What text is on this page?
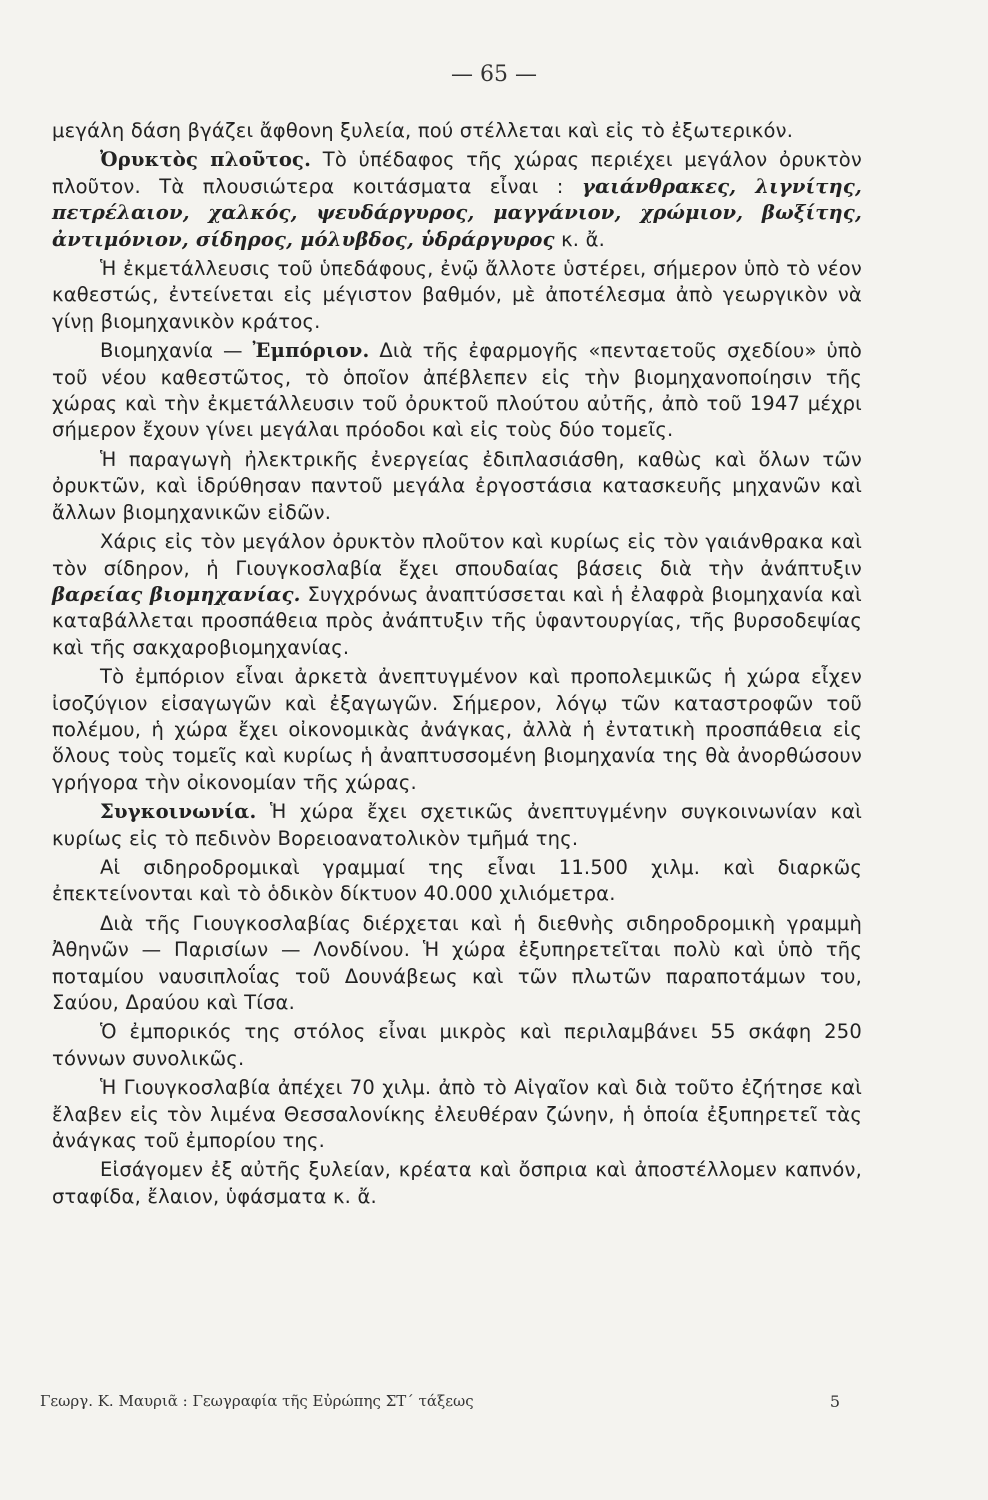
— 65 —

μεγάλη δάση βγάζει ἄφθονη ξυλεία, πού στέλλεται καὶ εἰς τὸ ἐξωτερικόν.

Ὀρυκτὸς πλοῦτος. Τὸ ὑπέδαφος τῆς χώρας περιέχει μεγάλον ὀρυκτὸν πλοῦτον. Τὰ πλουσιώτερα κοιτάσματα εἶναι : γαιάνθρακες, λιγνίτης, πετρέλαιον, χαλκός, ψευδάργυρος, μαγγάνιον, χρώμιον, βωξίτης, ἀντιμόνιον, σίδηρος, μόλυβδος, ὑδράργυρος κ. ἄ.

Ἡ ἐκμετάλλευσις τοῦ ὑπεδάφους, ἐνῷ ἄλλοτε ὑστέρει, σήμερον ὑπὸ τὸ νέον καθεστώς, ἐντείνεται εἰς μέγιστον βαθμόν, μὲ ἀποτέλεσμα ἀπὸ γεωργικὸν νὰ γίνῃ βιομηχανικὸν κράτος.

Βιομηχανία — Ἐμπόριον. Διὰ τῆς ἐφαρμογῆς «πενταετοῦς σχεδίου» ὑπὸ τοῦ νέου καθεστῶτος, τὸ ὁποῖον ἀπέβλεπεν εἰς τὴν βιομηχανοποίησιν τῆς χώρας καὶ τὴν ἐκμετάλλευσιν τοῦ ὀρυκτοῦ πλούτου αὐτῆς, ἀπὸ τοῦ 1947 μέχρι σήμερον ἔχουν γίνει μεγάλαι πρόοδοι καὶ εἰς τοὺς δύο τομεῖς.

Ἡ παραγωγὴ ἠλεκτρικῆς ἐνεργείας ἐδιπλασιάσθη, καθὼς καὶ ὅλων τῶν ὀρυκτῶν, καὶ ἱδρύθησαν παντοῦ μεγάλα ἐργοστάσια κατασκευῆς μηχανῶν καὶ ἄλλων βιομηχανικῶν εἰδῶν.

Χάρις εἰς τὸν μεγάλον ὀρυκτὸν πλοῦτον καὶ κυρίως εἰς τὸν γαιάνθρακα καὶ τὸν σίδηρον, ἡ Γιουγκοσλαβία ἔχει σπουδαίας βάσεις διὰ τὴν ἀνάπτυξιν βαρείας βιομηχανίας. Συγχρόνως ἀναπτύσσεται καὶ ἡ ἐλαφρὰ βιομηχανία καὶ καταβάλλεται προσπάθεια πρὸς ἀνάπτυξιν τῆς ὑφαντουργίας, τῆς βυρσοδεψίας καὶ τῆς σακχαροβιομηχανίας.

Τὸ ἐμπόριον εἶναι ἀρκετὰ ἀνεπτυγμένον καὶ προπολεμικῶς ἡ χώρα εἶχεν ἰσοζύγιον εἰσαγωγῶν καὶ ἐξαγωγῶν. Σήμερον, λόγῳ τῶν καταστροφῶν τοῦ πολέμου, ἡ χώρα ἔχει οἰκονομικὰς ἀνάγκας, ἀλλὰ ἡ ἐντατικὴ προσπάθεια εἰς ὅλους τοὺς τομεῖς καὶ κυρίως ἡ ἀναπτυσσομένη βιομηχανία της θὰ ἀνορθώσουν γρήγορα τὴν οἰκονομίαν τῆς χώρας.

Συγκοινωνία. Ἡ χώρα ἔχει σχετικῶς ἀνεπτυγμένην συγκοινωνίαν καὶ κυρίως εἰς τὸ πεδινὸν Βορειοανατολικὸν τμῆμά της.

Αἱ σιδηροδρομικαὶ γραμμαί της εἶναι 11.500 χιλμ. καὶ διαρκῶς ἐπεκτείνονται καὶ τὸ ὁδικὸν δίκτυον 40.000 χιλιόμετρα.

Διὰ τῆς Γιουγκοσλαβίας διέρχεται καὶ ἡ διεθνὴς σιδηροδρομικὴ γραμμὴ Ἀθηνῶν — Παρισίων — Λονδίνου. Ἡ χώρα ἐξυπηρετεῖται πολὺ καὶ ὑπὸ τῆς ποταμίου ναυσιπλοΐας τοῦ Δουνάβεως καὶ τῶν πλωτῶν παραποτάμων του, Σαύου, Δραύου καὶ Τίσα.

Ὁ ἐμπορικός της στόλος εἶναι μικρὸς καὶ περιλαμβάνει 55 σκάφη 250 τόννων συνολικῶς.

Ἡ Γιουγκοσλαβία ἀπέχει 70 χιλμ. ἀπὸ τὸ Αἰγαῖον καὶ διὰ τοῦτο ἐζήτησε καὶ ἔλαβεν εἰς τὸν λιμένα Θεσσαλονίκης ἐλευθέραν ζώνην, ἡ ὁποία ἐξυπηρετεῖ τὰς ἀνάγκας τοῦ ἐμπορίου της.

Εἰσάγομεν ἐξ αὐτῆς ξυλείαν, κρέατα καὶ ὄσπρια καὶ ἀποστέλλομεν καπνόν, σταφίδα, ἔλαιον, ὑφάσματα κ. ἄ.

Γεωργ. Κ. Μαυριᾶ : Γεωγραφία τῆς Εὐρώπης ΣΤ΄ τάξεως	5
